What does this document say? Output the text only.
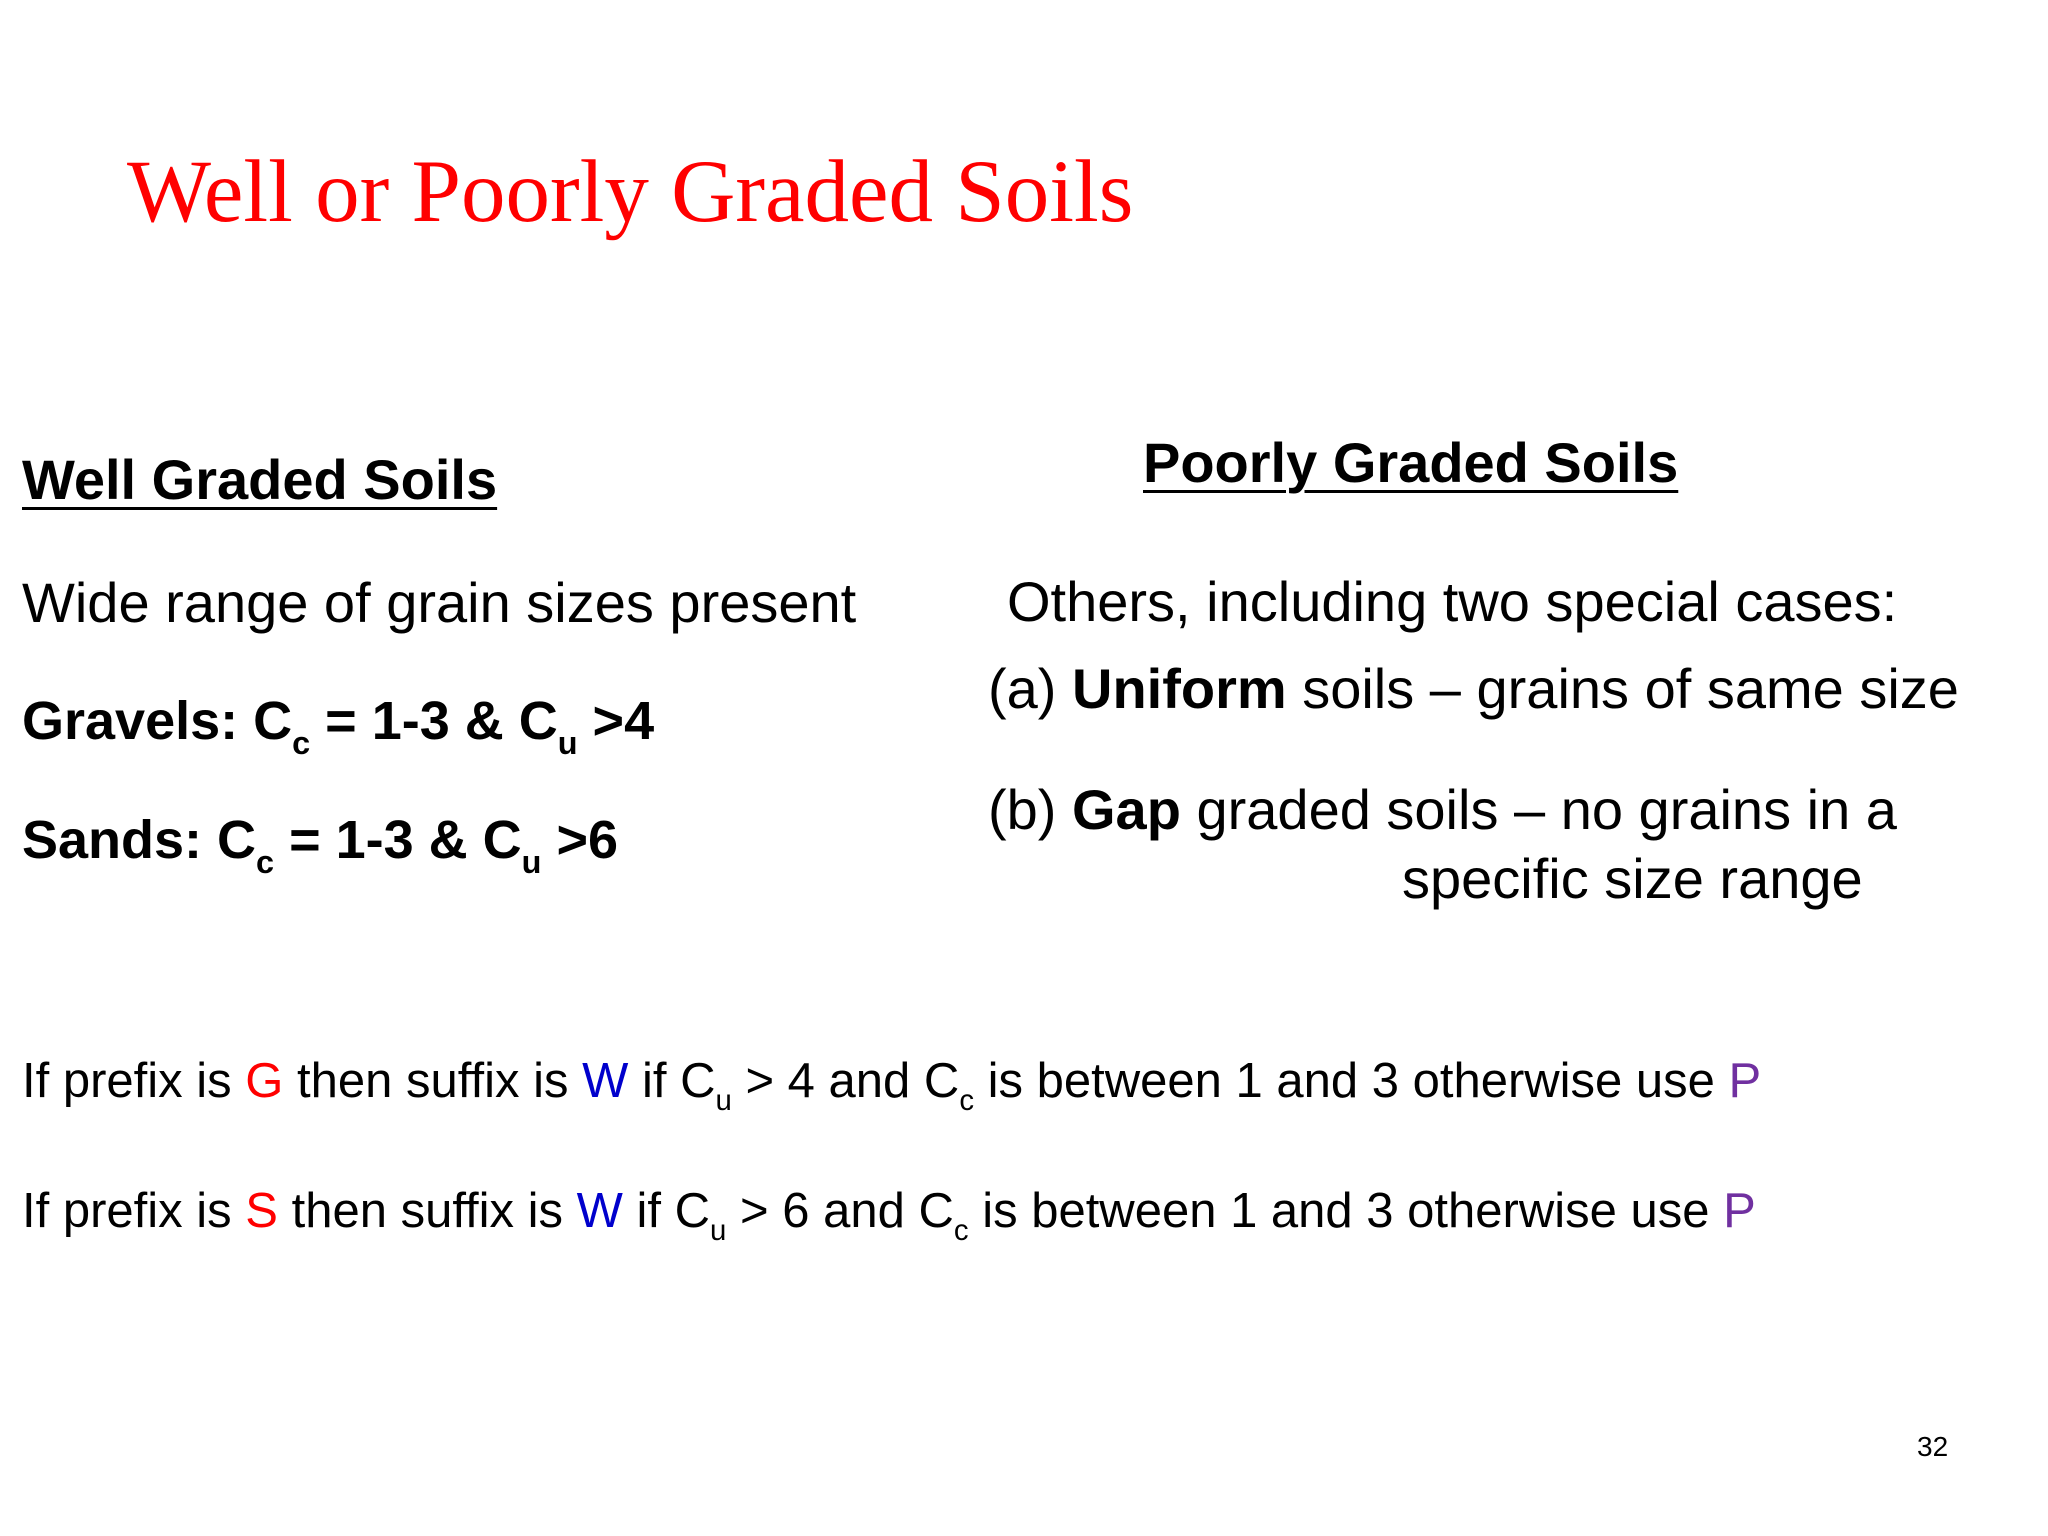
Well or Poorly Graded Soils
Well Graded Soils
Wide range of grain sizes present
Gravels: $C_c = 1-3$ & $C_u >4$
Sands: $C_c = 1-3$ & $C_u >6$
Poorly Graded Soils
Others, including two special cases:
(a) Uniform soils – grains of same size
(b) Gap graded soils – no grains in a
specific size range
If prefix is G then suffix is W if $C_u > 4$ and $C_c$ is between 1 and 3 otherwise use P
If prefix is S then suffix is W if $C_u > 6$ and $C_c$ is between 1 and 3 otherwise use P
32
